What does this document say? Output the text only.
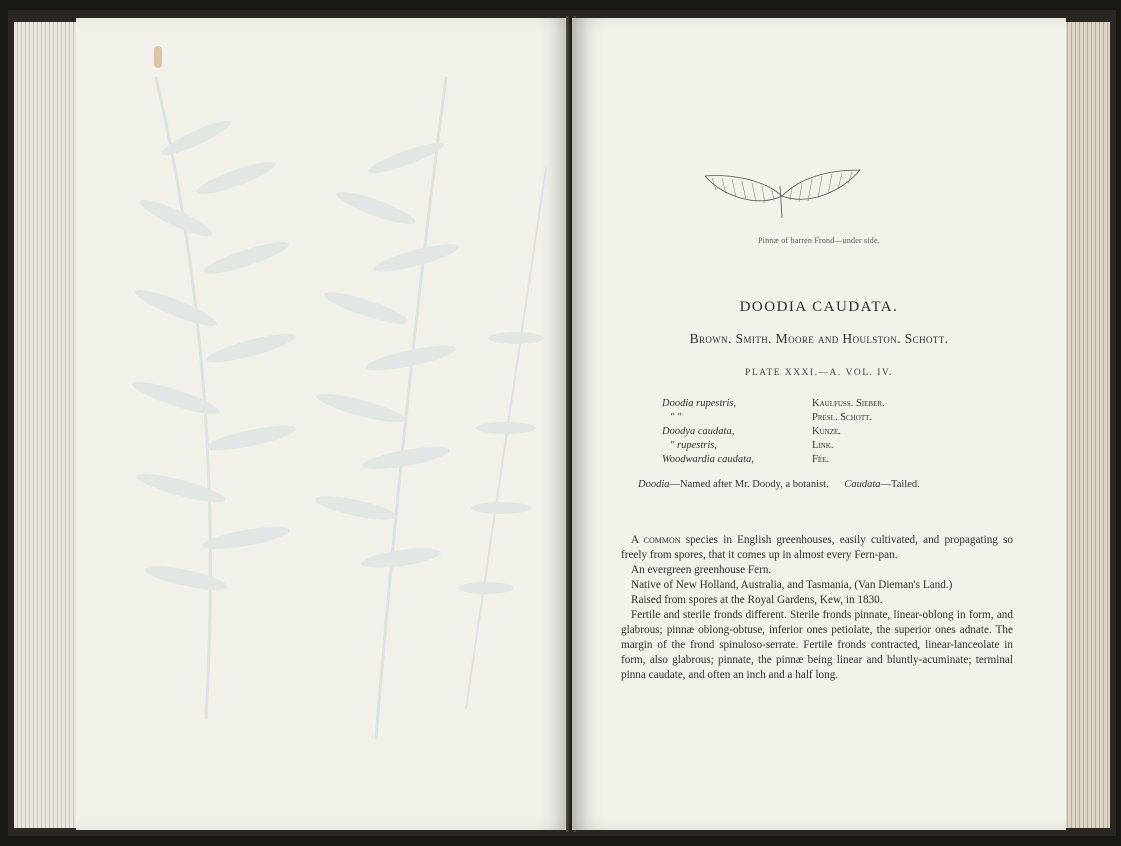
Pinnæ of barren Frond—under side.
DOODIA CAUDATA.
Brown. Smith. Moore and Houlston. Schott.
PLATE XXXI.—A. VOL. IV.
Doodia rupestris,	Kaulfuss. Sieber.
" "	Presl. Schott.
Doodya caudata,	Kunze.
" rupestris,	Link.
Woodwardia caudata,	Fée.
Doodia—Named after Mr. Doody, a botanist. Caudata—Tailed.

A common species in English greenhouses, easily cultivated, and propagating so freely from spores, that it comes up in almost every Fern-pan.

An evergreen greenhouse Fern.

Native of New Holland, Australia, and Tasmania, (Van Dieman's Land.)

Raised from spores at the Royal Gardens, Kew, in 1830.

Fertile and sterile fronds different. Sterile fronds pinnate, linear-oblong in form, and glabrous; pinnæ oblong-obtuse, inferior ones petiolate, the superior ones adnate. The margin of the frond spinuloso-serrate. Fertile fronds contracted, linear-lanceolate in form, also glabrous; pinnate, the pinnæ being linear and bluntly-acuminate; terminal pinna caudate, and often an inch and a half long.
